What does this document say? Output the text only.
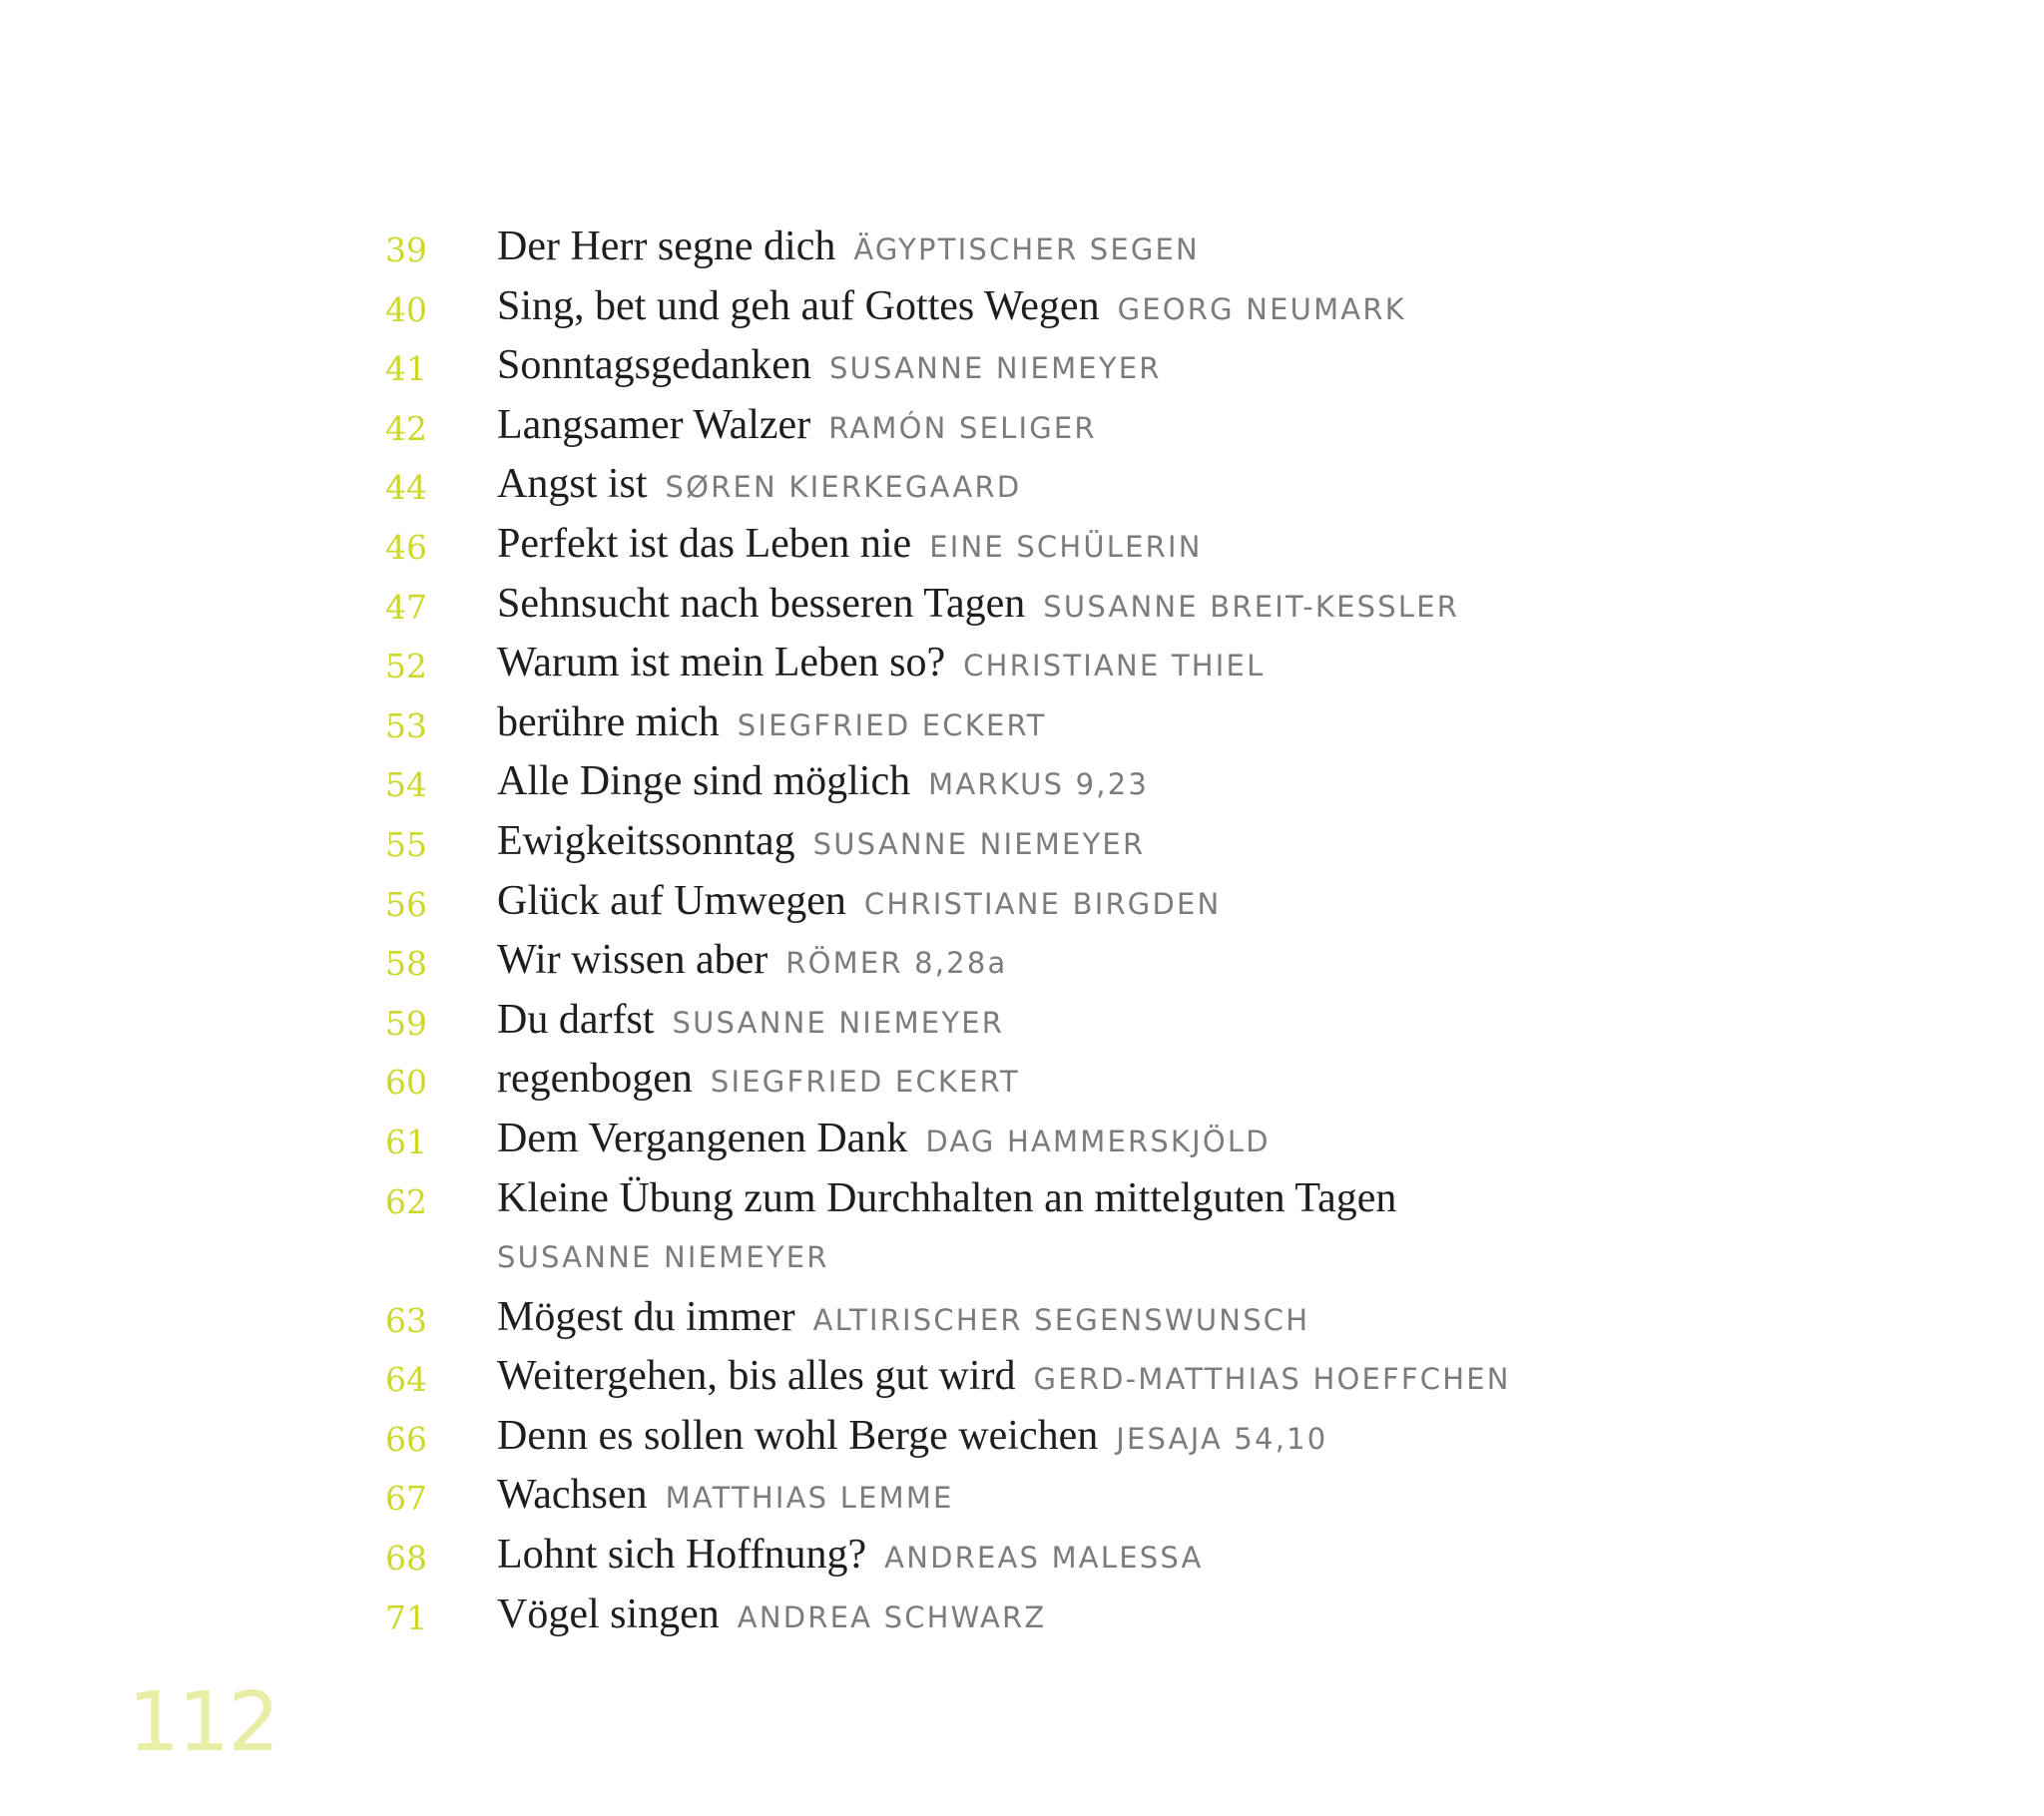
39 Der Herr segne dich ÄGYPTISCHER SEGEN
40 Sing, bet und geh auf Gottes Wegen GEORG NEUMARK
41 Sonntagsgedanken SUSANNE NIEMEYER
42 Langsamer Walzer RAMÓN SELIGER
44 Angst ist SØREN KIERKEGAARD
46 Perfekt ist das Leben nie EINE SCHÜLERIN
47 Sehnsucht nach besseren Tagen SUSANNE BREIT-KESSLER
52 Warum ist mein Leben so? CHRISTIANE THIEL
53 berühre mich SIEGFRIED ECKERT
54 Alle Dinge sind möglich MARKUS 9,23
55 Ewigkeitssonntag SUSANNE NIEMEYER
56 Glück auf Umwegen CHRISTIANE BIRGDEN
58 Wir wissen aber RÖMER 8,28a
59 Du darfst SUSANNE NIEMEYER
60 regenbogen SIEGFRIED ECKERT
61 Dem Vergangenen Dank DAG HAMMERSKJÖLD
62 Kleine Übung zum Durchhalten an mittelguten Tagen
SUSANNE NIEMEYER
63 Mögest du immer ALTIRISCHER SEGENSWUNSCH
64 Weitergehen, bis alles gut wird GERD-MATTHIAS HOEFFCHEN
66 Denn es sollen wohl Berge weichen JESAJA 54,10
67 Wachsen MATTHIAS LEMME
68 Lohnt sich Hoffnung? ANDREAS MALESSA
71 Vögel singen ANDREA SCHWARZ
112
